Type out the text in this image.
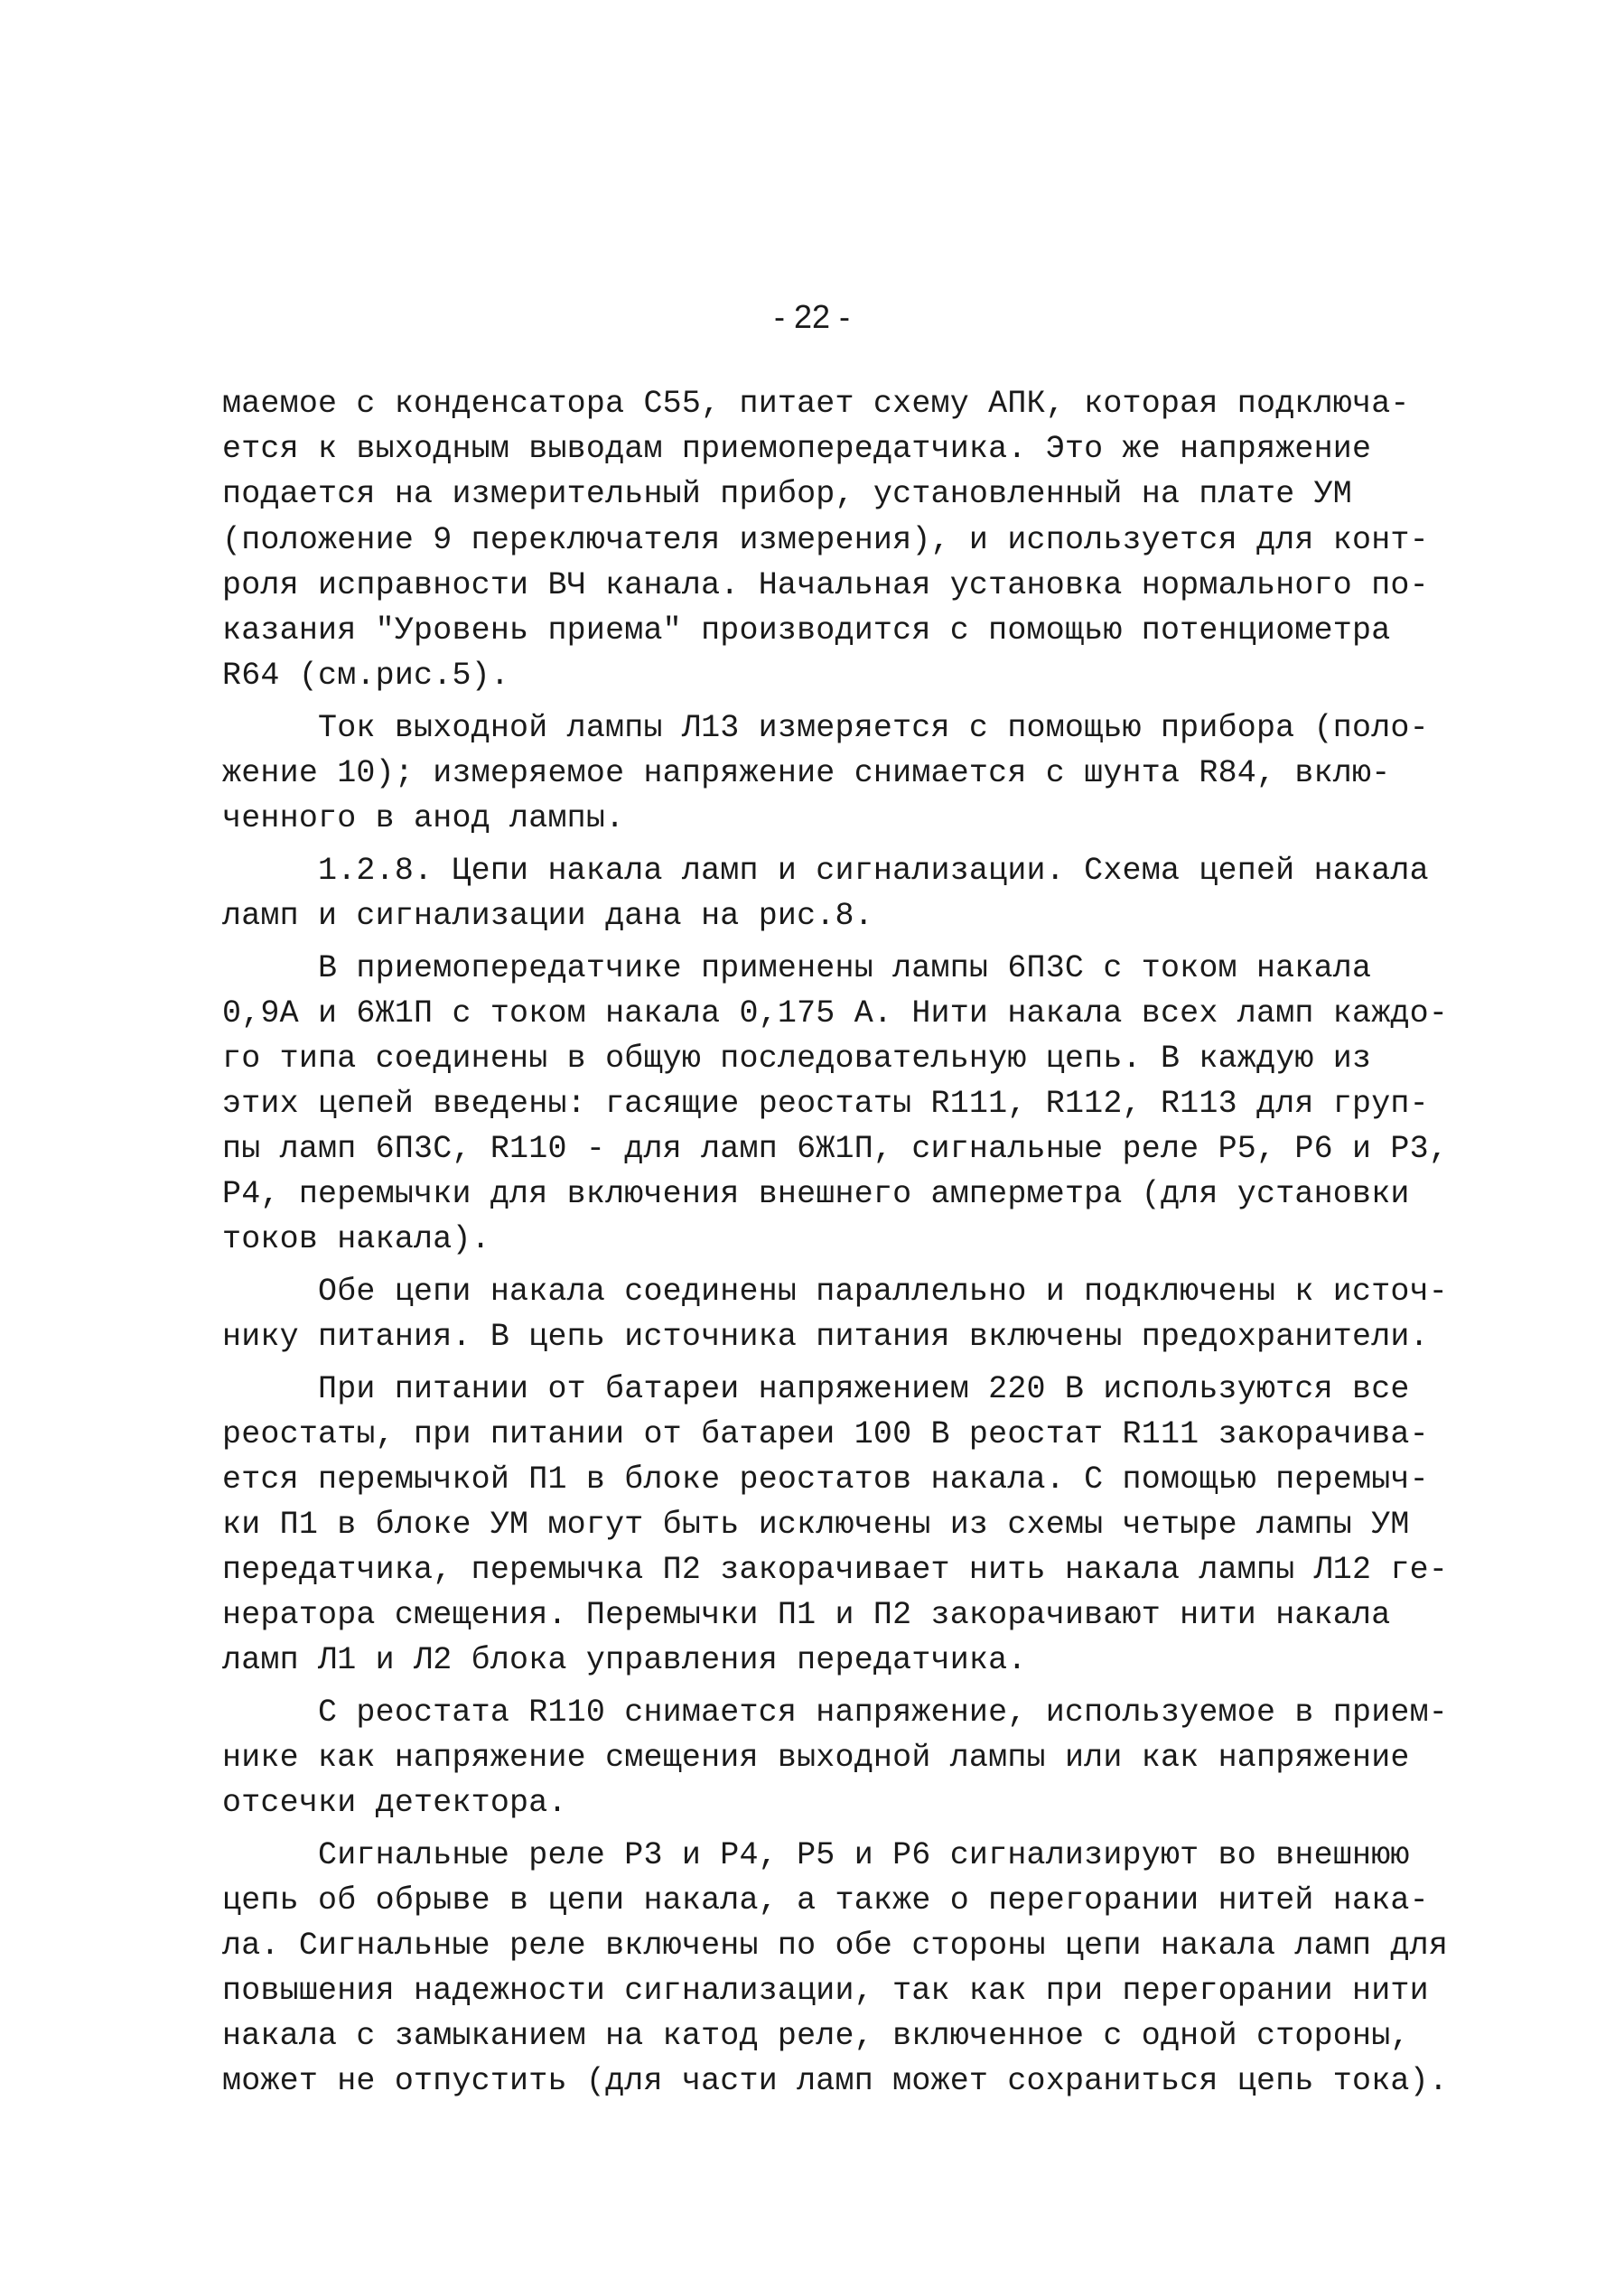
- 22 -
маемое с конденсатора С55, питает схему АПК, которая подключа-
ется к выходным выводам приемопередатчика. Это же напряжение
подается на измерительный прибор, установленный на плате УМ
(положение 9 переключателя измерения), и используется для конт-
роля исправности ВЧ канала. Начальная установка нормального по-
казания "Уровень приема" производится с помощью потенциометра
R64 (см.рис.5).
Ток выходной лампы Л13 измеряется с помощью прибора (поло-
жение 10); измеряемое напряжение снимается с шунта R84, вклю-
ченного в анод лампы.
1.2.8. Цепи накала ламп и сигнализации. Схема цепей накала
ламп и сигнализации дана на рис.8.
В приемопередатчике применены лампы 6П3С с током накала
0,9А и 6Ж1П с током накала 0,175 А. Нити накала всех ламп каждо-
го типа соединены в общую последовательную цепь. В каждую из
этих цепей введены: гасящие реостаты R111, R112, R113 для груп-
пы ламп 6П3С, R110 - для ламп 6Ж1П, сигнальные реле Р5, Р6 и Р3,
Р4, перемычки для включения внешнего амперметра (для установки
токов накала).
Обе цепи накала соединены параллельно и подключены к источ-
нику питания. В цепь источника питания включены предохранители.
При питании от батареи напряжением 220 В используются все
реостаты, при питании от батареи 100 В реостат R111 закорачива-
ется перемычкой П1 в блоке реостатов накала. С помощью перемыч-
ки П1 в блоке УМ могут быть исключены из схемы четыре лампы УМ
передатчика, перемычка П2 закорачивает нить накала лампы Л12 ге-
нератора смещения. Перемычки П1 и П2 закорачивают нити накала
ламп Л1 и Л2 блока управления передатчика.
С реостата R110 снимается напряжение, используемое в прием-
нике как напряжение смещения выходной лампы или как напряжение
отсечки детектора.
Сигнальные реле Р3 и Р4, Р5 и Р6 сигнализируют во внешнюю
цепь об обрыве в цепи накала, а также о перегорании нитей нака-
ла. Сигнальные реле включены по обе стороны цепи накала ламп для
повышения надежности сигнализации, так как при перегорании нити
накала с замыканием на катод реле, включенное с одной стороны,
может не отпустить (для части ламп может сохраниться цепь тока).
